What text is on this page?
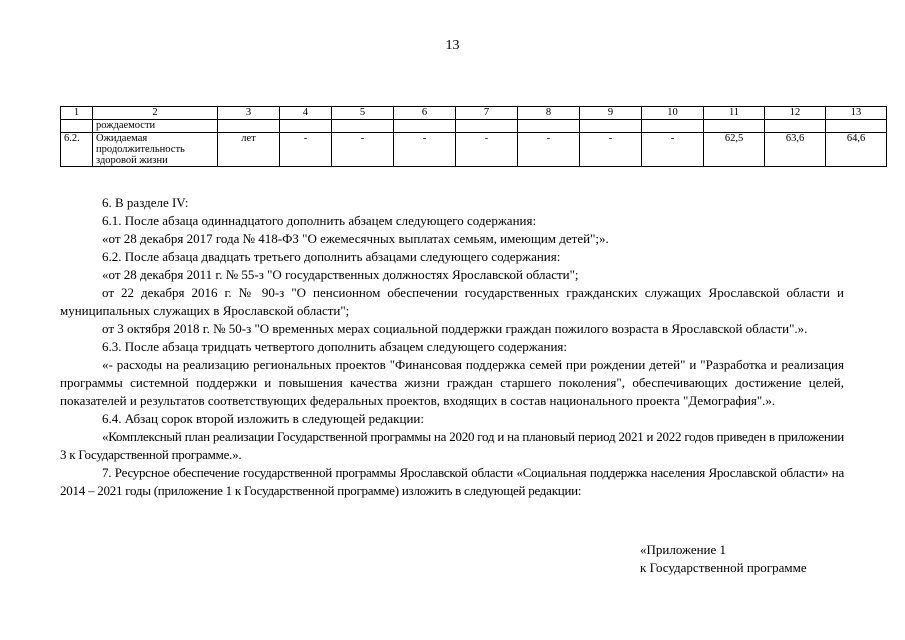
13
1	2	3	4	5	6	7	8	9	10	11	12	13
	рождаемости											
6.2.	Ожидаемая
продолжительность
здоровой жизни	лет	-	-	-	-	-	-	-	62,5	63,6	64,6

6. В разделе IV:

6.1. После абзаца одиннадцатого дополнить абзацем следующего содержания:

«от 28 декабря 2017 года № 418-ФЗ "О ежемесячных выплатах семьям, имеющим детей";».

6.2. После абзаца двадцать третьего дополнить абзацами следующего содержания:

«от 28 декабря 2011 г. № 55-з "О государственных должностях Ярославской области";

от 22 декабря 2016 г. № 90-з "О пенсионном обеспечении государственных гражданских служащих Ярославской области и муниципальных служащих в Ярославской области";

от 3 октября 2018 г. № 50-з "О временных мерах социальной поддержки граждан пожилого возраста в Ярославской области".».

6.3. После абзаца тридцать четвертого дополнить абзацем следующего содержания:

«- расходы на реализацию региональных проектов "Финансовая поддержка семей при рождении детей" и "Разработка и реализация программы системной поддержки и повышения качества жизни граждан старшего поколения", обеспечивающих достижение целей, показателей и результатов соответствующих федеральных проектов, входящих в состав национального проекта "Демография".».

6.4. Абзац сорок второй изложить в следующей редакции:

«Комплексный план реализации Государственной программы на 2020 год и на плановый период 2021 и 2022 годов приведен в приложении 3 к Государственной программе.».

7. Ресурсное обеспечение государственной программы Ярославской области «Социальная поддержка населения Ярославской области» на 2014 – 2021 годы (приложение 1 к Государственной программе) изложить в следующей редакции:

«Приложение 1
к Государственной программе
